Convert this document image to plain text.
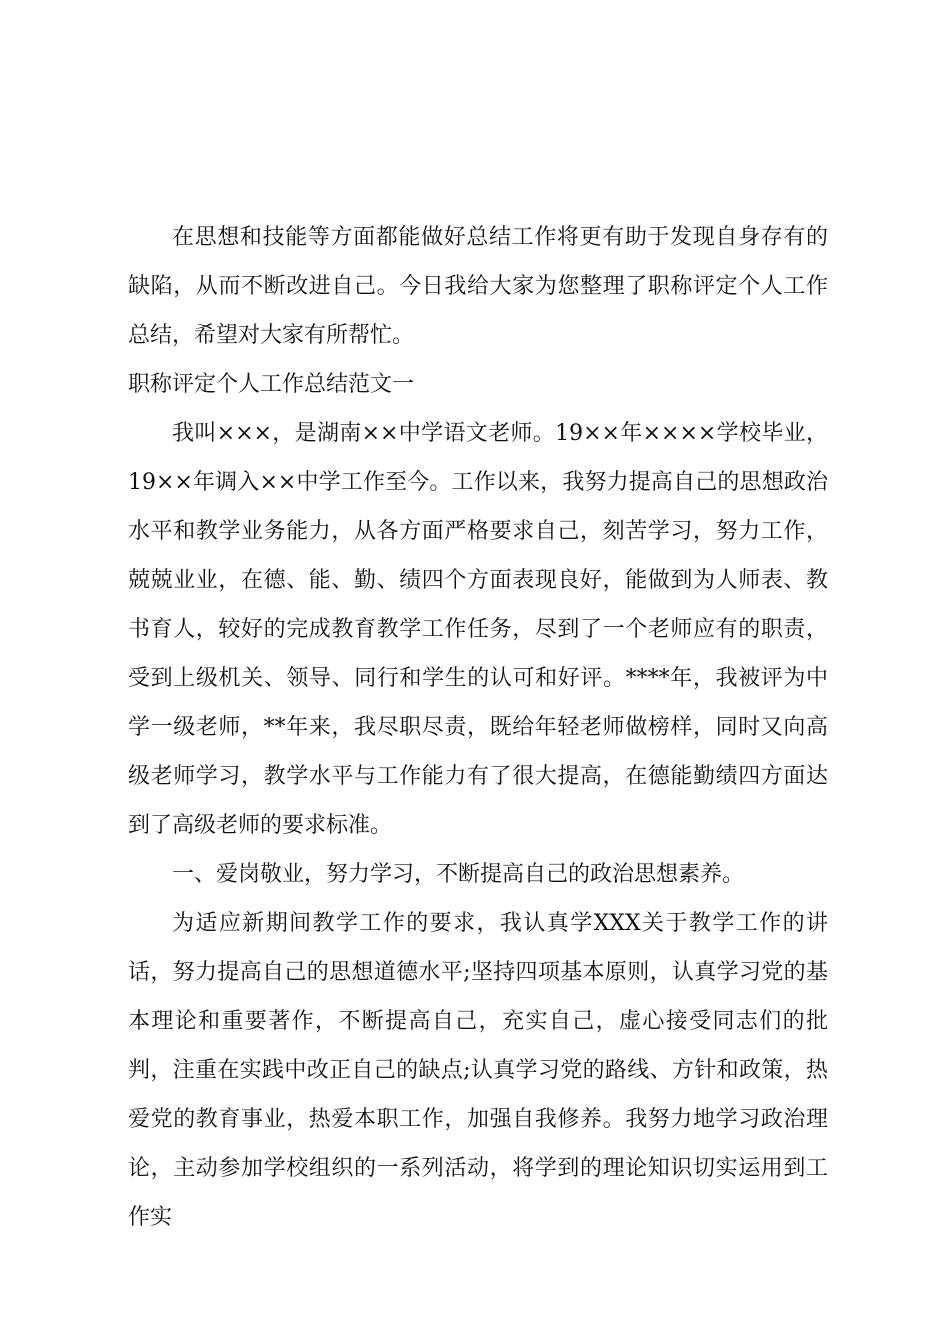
在思想和技能等方面都能做好总结工作将更有助于发现自身存有的缺陷，从而不断改进自己。今日我给大家为您整理了职称评定个人工作总结，希望对大家有所帮忙。

职称评定个人工作总结范文一

我叫×××，是湖南××中学语文老师。19××年××××学校毕业，19××年调入××中学工作至今。工作以来，我努力提高自己的思想政治水平和教学业务能力，从各方面严格要求自己，刻苦学习，努力工作，兢兢业业，在德、能、勤、绩四个方面表现良好，能做到为人师表、教书育人，较好的完成教育教学工作任务，尽到了一个老师应有的职责，受到上级机关、领导、同行和学生的认可和好评。****年，我被评为中学一级老师，**年来，我尽职尽责，既给年轻老师做榜样，同时又向高级老师学习，教学水平与工作能力有了很大提高，在德能勤绩四方面达到了高级老师的要求标准。

一、爱岗敬业，努力学习，不断提高自己的政治思想素养。

为适应新期间教学工作的要求，我认真学XXX关于教学工作的讲话，努力提高自己的思想道德水平;坚持四项基本原则，认真学习党的基本理论和重要著作，不断提高自己，充实自己，虚心接受同志们的批判，注重在实践中改正自己的缺点;认真学习党的路线、方针和政策，热爱党的教育事业，热爱本职工作，加强自我修养。我努力地学习政治理论，主动参加学校组织的一系列活动，将学到的理论知识切实运用到工作实
